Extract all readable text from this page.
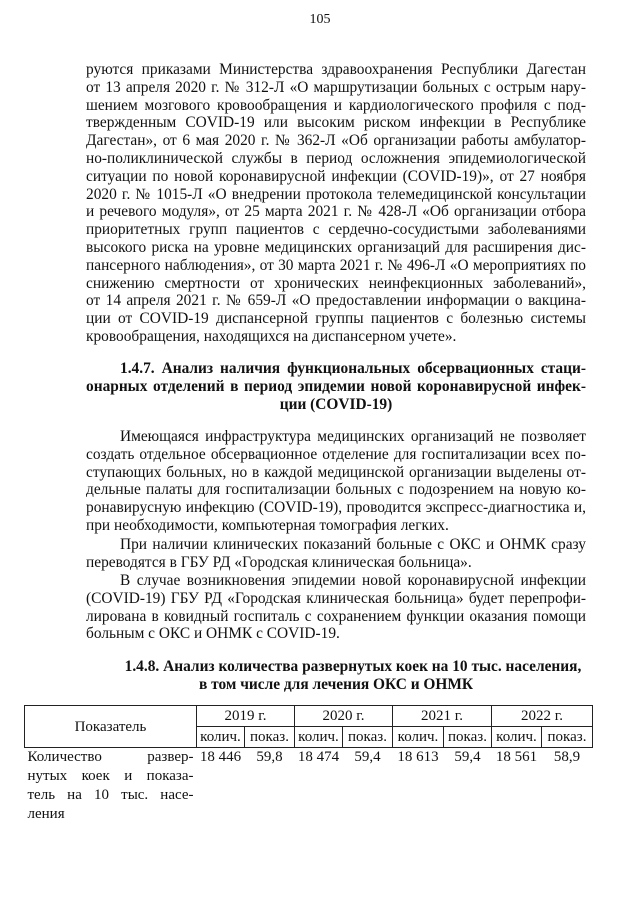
105
руются приказами Министерства здравоохранения Республики Дагестан
от 13 апреля 2020 г. № 312-Л «О маршрутизации больных с острым нару-
шением мозгового кровообращения и кардиологического профиля с под-
твержденным COVID-19 или высоким риском инфекции в Республике
Дагестан», от 6 мая 2020 г. № 362-Л «Об организации работы амбулатор-
но-поликлинической службы в период осложнения эпидемиологической
ситуации по новой коронавирусной инфекции (COVID-19)», от 27 ноября
2020 г. № 1015-Л «О внедрении протокола телемедицинской консультации
и речевого модуля», от 25 марта 2021 г. № 428-Л «Об организации отбора
приоритетных групп пациентов с сердечно-сосудистыми заболеваниями
высокого риска на уровне медицинских организаций для расширения дис-
пансерного наблюдения», от 30 марта 2021 г. № 496-Л «О мероприятиях по
снижению смертности от хронических неинфекционных заболеваний»,
от 14 апреля 2021 г. № 659-Л «О предоставлении информации о вакцина-
ции от COVID-19 диспансерной группы пациентов с болезнью системы
кровообращения, находящихся на диспансерном учете».
1.4.7. Анализ наличия функциональных обсервационных стаци-
онарных отделений в период эпидемии новой коронавирусной инфек-
ции (COVID-19)
Имеющаяся инфраструктура медицинских организаций не позволяет
создать отдельное обсервационное отделение для госпитализации всех по-
ступающих больных, но в каждой медицинской организации выделены от-
дельные палаты для госпитализации больных с подозрением на новую ко-
ронавирусную инфекцию (COVID-19), проводится экспресс-диагностика и,
при необходимости, компьютерная томография легких.
При наличии клинических показаний больные с ОКС и ОНМК сразу
переводятся в ГБУ РД «Городская клиническая больница».
В случае возникновения эпидемии новой коронавирусной инфекции
(COVID-19) ГБУ РД «Городская клиническая больница» будет перепрофи-
лирована в ковидный госпиталь с сохранением функции оказания помощи
больным с ОКС и ОНМК с COVID-19.
1.4.8. Анализ количества развернутых коек на 10 тыс. населения,
в том числе для лечения ОКС и ОНМК
Показатель	2019 г.		2020 г.		2021 г.		2022 г.	
	колич.	показ.	колич.	показ.	колич.	показ.	колич.	показ.

Количество развер-
нутых коек и показа-
тель на 10 тыс. насе-
ления	18 446	59,8	18 474	59,4	18 613	59,4	18 561	58,9
